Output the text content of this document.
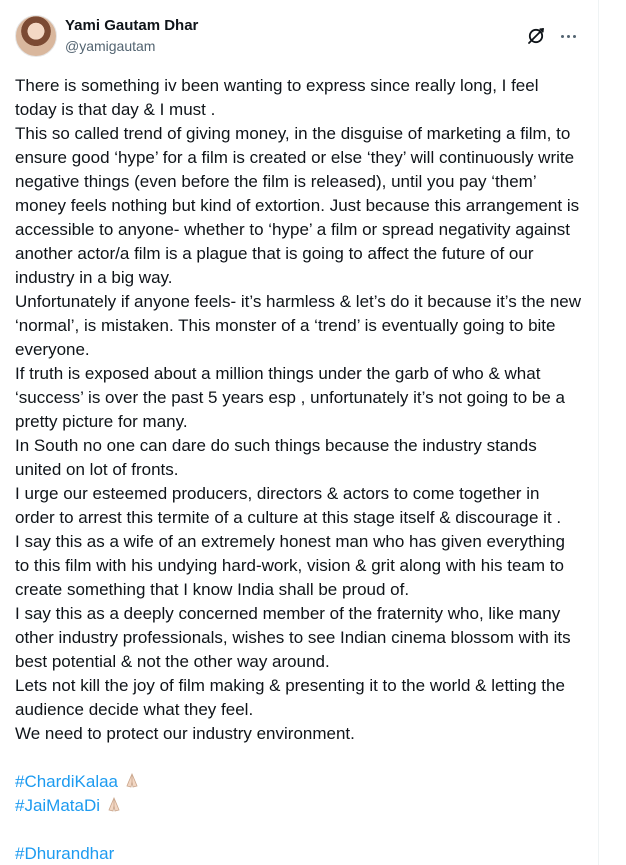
Yami Gautam Dhar
@yamigautam

There is something iv been wanting to express since really long, I feel today is that day & I must .

This so called trend of giving money, in the disguise of marketing a film, to ensure good ‘hype’ for a film is created or else ‘they’ will continuously write negative things (even before the film is released), until you pay ‘them’ money feels nothing but kind of extortion. Just because this arrangement is accessible to anyone- whether to ‘hype’ a film or spread negativity against another actor/a film is a plague that is going to affect the future of our industry in a big way.

Unfortunately if anyone feels- it’s harmless & let’s do it because it’s the new ‘normal’, is mistaken. This monster of a ‘trend’ is eventually going to bite everyone.

If truth is exposed about a million things under the garb of who & what ‘success’ is over the past 5 years esp , unfortunately it’s not going to be a pretty picture for many.

In South no one can dare do such things because the industry stands united on lot of fronts.

I urge our esteemed producers, directors & actors to come together in order to arrest this termite of a culture at this stage itself & discourage it .

I say this as a wife of an extremely honest man who has given everything to this film with his undying hard-work, vision & grit along with his team to create something that I know India shall be proud of.

I say this as a deeply concerned member of the fraternity who, like many other industry professionals, wishes to see Indian cinema blossom with its best potential & not the other way around.

Lets not kill the joy of film making & presenting it to the world & letting the audience decide what they feel.

We need to protect our industry environment.

#ChardiKalaa

#JaiMataDi

#Dhurandhar
